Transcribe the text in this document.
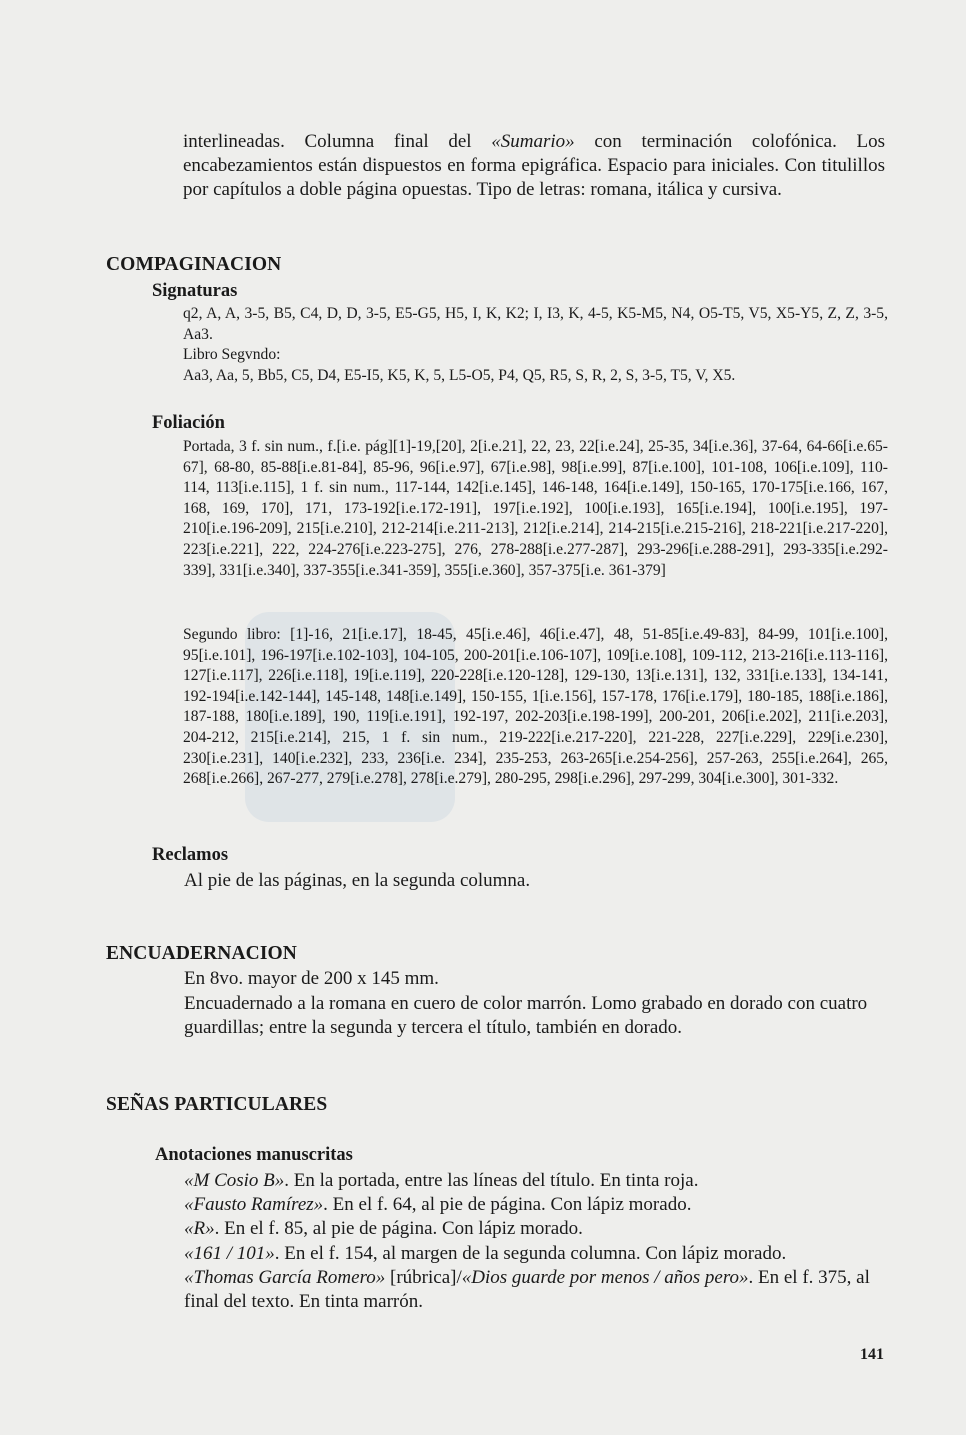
interlineadas. Columna final del «Sumario» con terminación colofónica. Los encabezamientos están dispuestos en forma epigráfica. Espacio para iniciales. Con titulillos por capítulos a doble página opuestas. Tipo de letras: romana, itálica y cursiva.
COMPAGINACION
Signaturas

q2, A, A, 3-5, B5, C4, D, D, 3-5, E5-G5, H5, I, K, K2; I, I3, K, 4-5, K5-M5, N4, O5-T5, V5, X5-Y5, Z, Z, 3-5, Aa3.

Libro Segvndo:

Aa3, Aa, 5, Bb5, C5, D4, E5-I5, K5, K, 5, L5-O5, P4, Q5, R5, S, R, 2, S, 3-5, T5, V, X5.

Foliación

Portada, 3 f. sin num., f.[i.e. pág][1]-19,[20], 2[i.e.21], 22, 23, 22[i.e.24], 25-35, 34[i.e.36], 37-64, 64-66[i.e.65-67], 68-80, 85-88[i.e.81-84], 85-96, 96[i.e.97], 67[i.e.98], 98[i.e.99], 87[i.e.100], 101-108, 106[i.e.109], 110-114, 113[i.e.115], 1 f. sin num., 117-144, 142[i.e.145], 146-148, 164[i.e.149], 150-165, 170-175[i.e.166, 167, 168, 169, 170], 171, 173-192[i.e.172-191], 197[i.e.192], 100[i.e.193], 165[i.e.194], 100[i.e.195], 197-210[i.e.196-209], 215[i.e.210], 212-214[i.e.211-213], 212[i.e.214], 214-215[i.e.215-216], 218-221[i.e.217-220], 223[i.e.221], 222, 224-276[i.e.223-275], 276, 278-288[i.e.277-287], 293-296[i.e.288-291], 293-335[i.e.292-339], 331[i.e.340], 337-355[i.e.341-359], 355[i.e.360], 357-375[i.e. 361-379]

Segundo libro: [1]-16, 21[i.e.17], 18-45, 45[i.e.46], 46[i.e.47], 48, 51-85[i.e.49-83], 84-99, 101[i.e.100], 95[i.e.101], 196-197[i.e.102-103], 104-105, 200-201[i.e.106-107], 109[i.e.108], 109-112, 213-216[i.e.113-116], 127[i.e.117], 226[i.e.118], 19[i.e.119], 220-228[i.e.120-128], 129-130, 13[i.e.131], 132, 331[i.e.133], 134-141, 192-194[i.e.142-144], 145-148, 148[i.e.149], 150-155, 1[i.e.156], 157-178, 176[i.e.179], 180-185, 188[i.e.186], 187-188, 180[i.e.189], 190, 119[i.e.191], 192-197, 202-203[i.e.198-199], 200-201, 206[i.e.202], 211[i.e.203], 204-212, 215[i.e.214], 215, 1 f. sin num., 219-222[i.e.217-220], 221-228, 227[i.e.229], 229[i.e.230], 230[i.e.231], 140[i.e.232], 233, 236[i.e. 234], 235-253, 263-265[i.e.254-256], 257-263, 255[i.e.264], 265, 268[i.e.266], 267-277, 279[i.e.278], 278[i.e.279], 280-295, 298[i.e.296], 297-299, 304[i.e.300], 301-332.

Reclamos
Al pie de las páginas, en la segunda columna.
ENCUADERNACION

En 8vo. mayor de 200 x 145 mm.

Encuadernado a la romana en cuero de color marrón. Lomo grabado en dorado con cuatro guardillas; entre la segunda y tercera el título, también en dorado.

SEÑAS PARTICULARES
Anotaciones manuscritas

«M Cosio B». En la portada, entre las líneas del título. En tinta roja.

«Fausto Ramírez». En el f. 64, al pie de página. Con lápiz morado.

«R». En el f. 85, al pie de página. Con lápiz morado.

«161 / 101». En el f. 154, al margen de la segunda columna. Con lápiz morado.

«Thomas García Romero» [rúbrica]/«Dios guarde por menos / años pero». En el f. 375, al final del texto. En tinta marrón.

141
